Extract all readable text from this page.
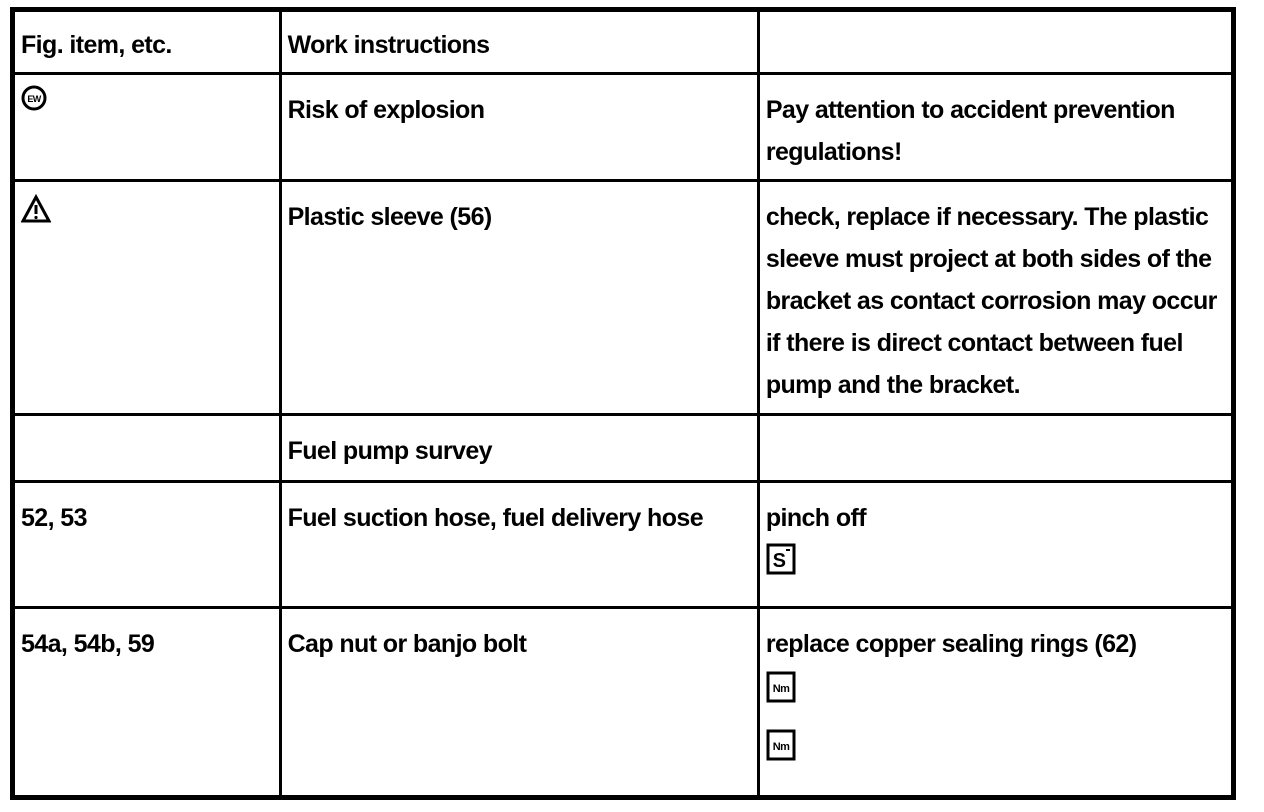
Fig. item, etc.	Work instructions	

EW	Risk of explosion	Pay attention to accident prevention regulations!

	Plastic sleeve (56)	check, replace if necessary. The plastic sleeve must project at both sides of the bracket as contact corrosion may occur if there is direct contact between fuel pump and the bracket.
	Fuel pump survey	
52, 53	Fuel suction hose, fuel delivery hose	pinch off
S

54a, 54b, 59	Cap nut or banjo bolt	replace copper sealing rings (62)
Nm
Nm
